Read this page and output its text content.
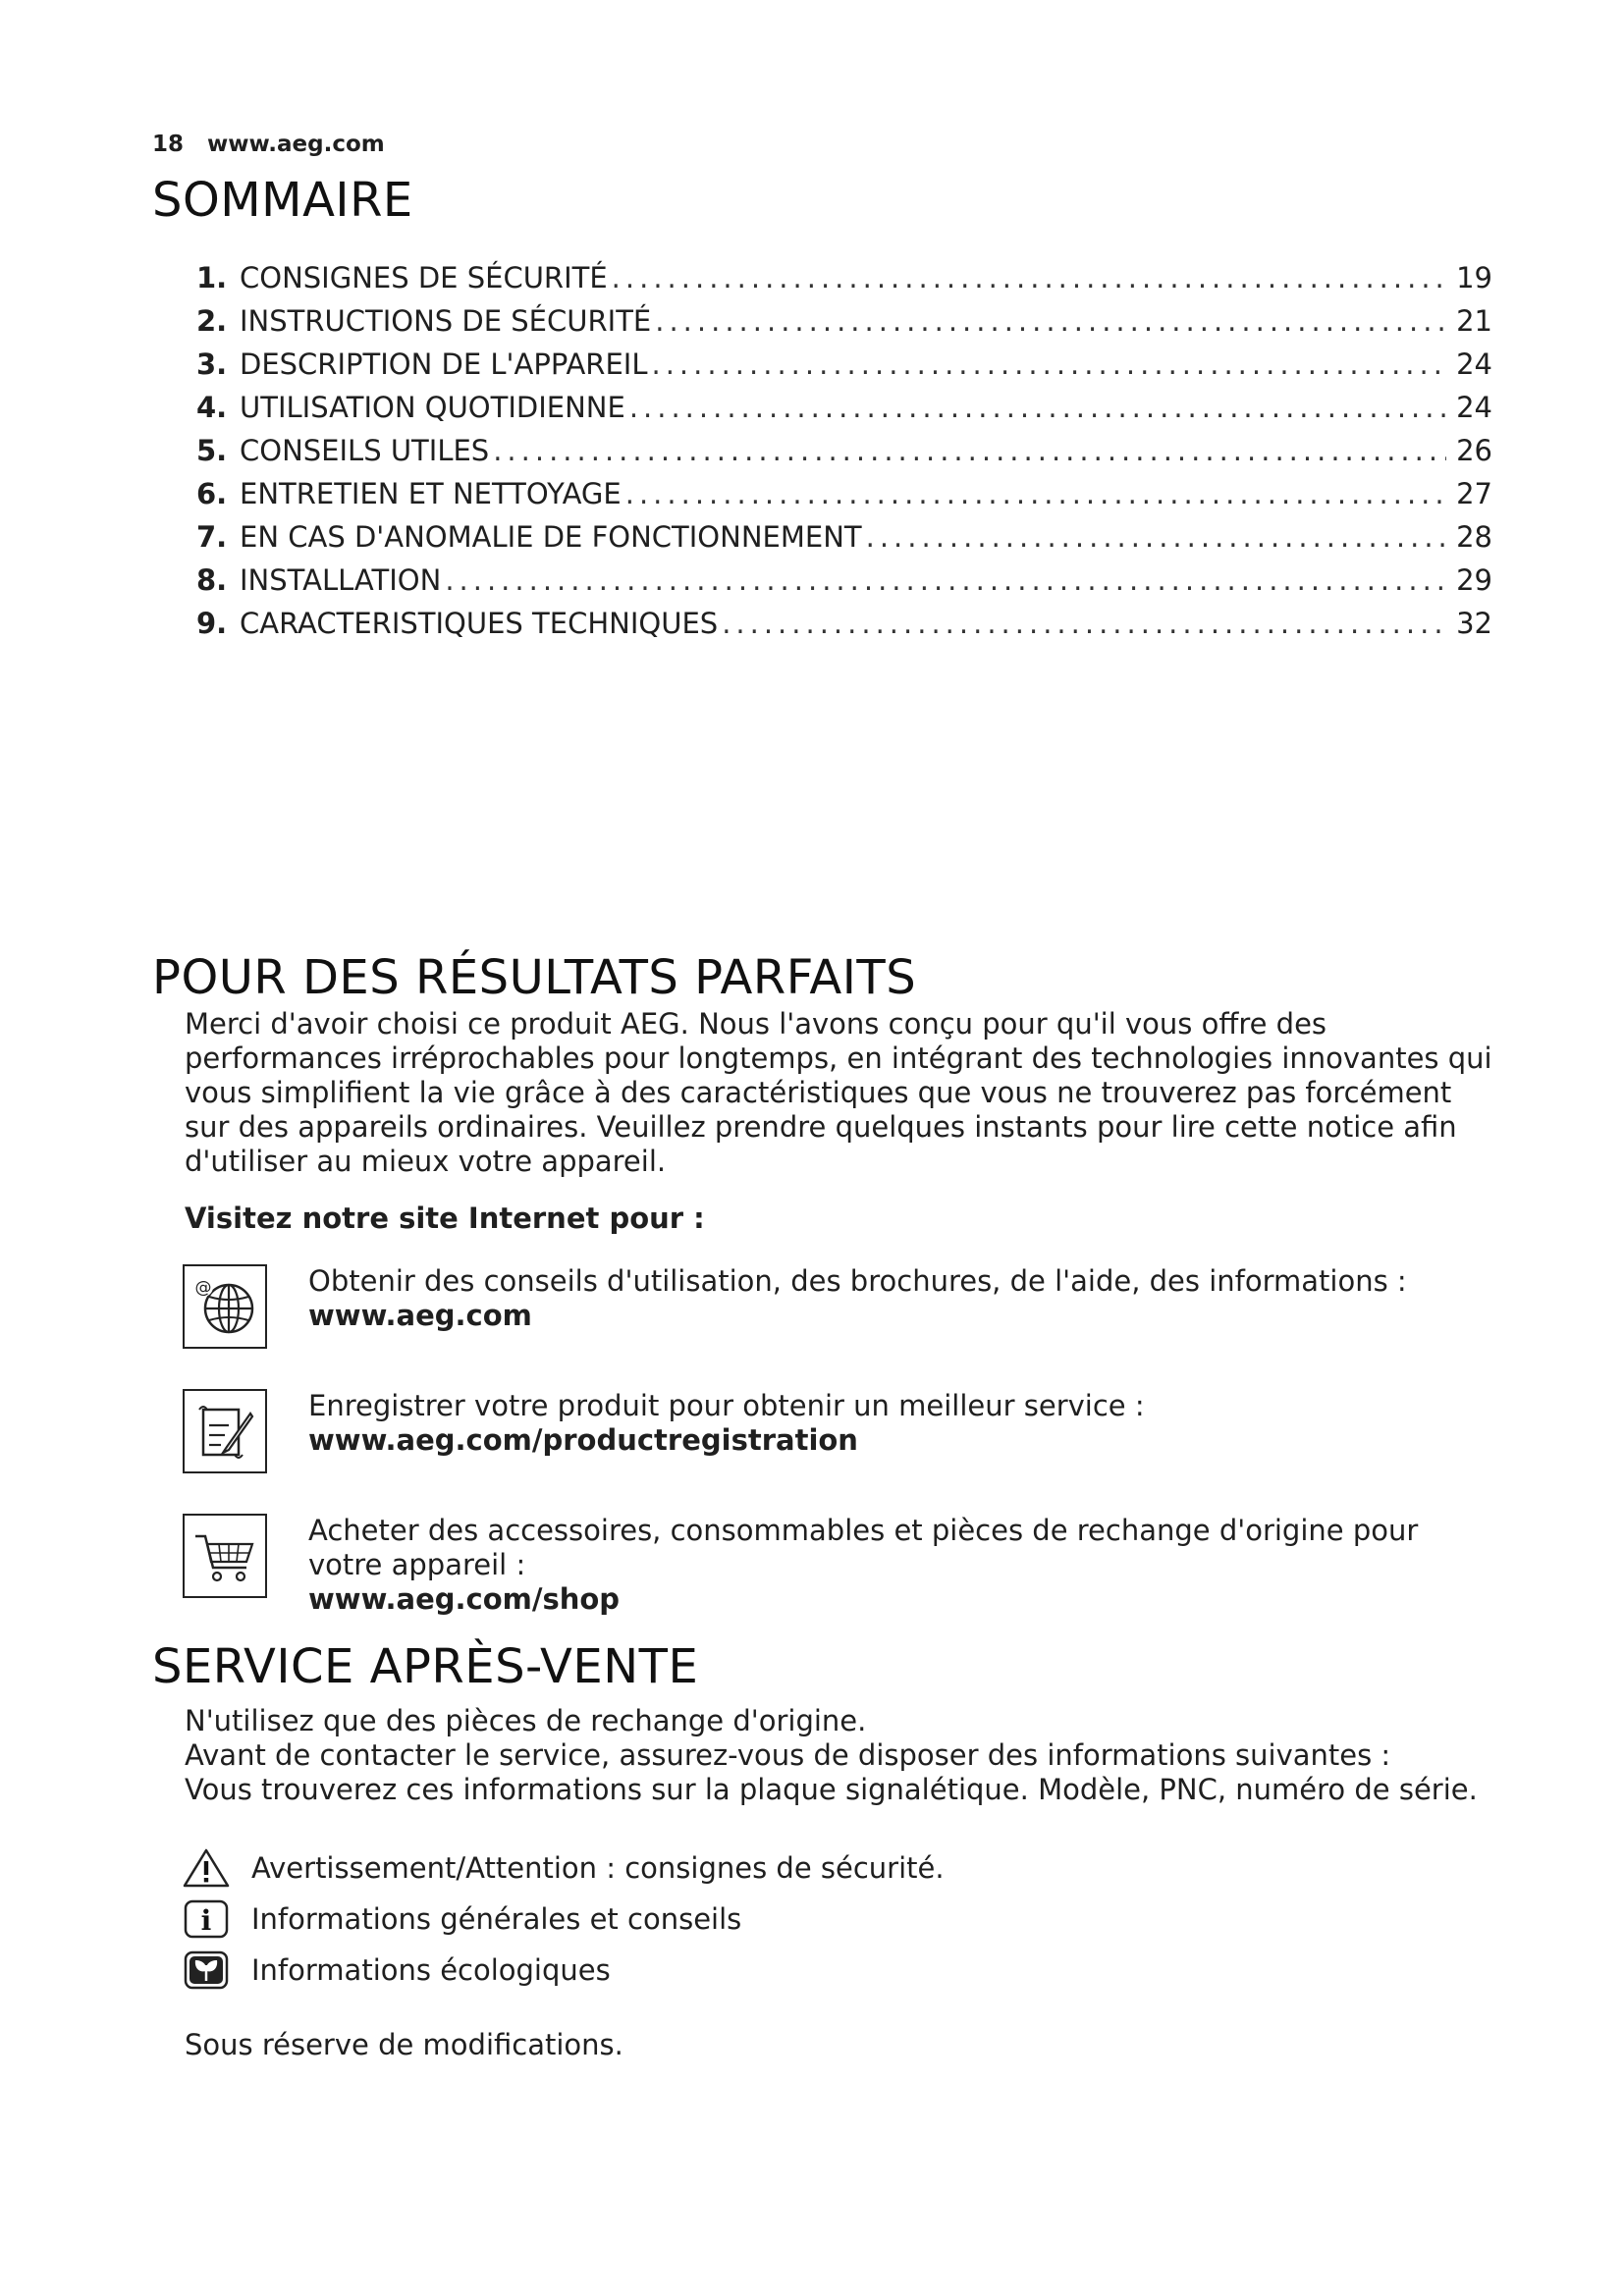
18 www.aeg.com
SOMMAIRE
1. CONSIGNES DE SÉCURITÉ .....	19
2. INSTRUCTIONS DE SÉCURITÉ .....	21
3. DESCRIPTION DE L'APPAREIL .....	24
4. UTILISATION QUOTIDIENNE .....	24
5. CONSEILS UTILES .....	26
6. ENTRETIEN ET NETTOYAGE .....	27
7. EN CAS D'ANOMALIE DE FONCTIONNEMENT .....	28
8. INSTALLATION .....	29
9. CARACTERISTIQUES TECHNIQUES .....	32
POUR DES RÉSULTATS PARFAITS

Merci d'avoir choisi ce produit AEG. Nous l'avons conçu pour qu'il vous offre des performances irréprochables pour longtemps, en intégrant des technologies innovantes qui vous simplifient la vie grâce à des caractéristiques que vous ne trouverez pas forcément sur des appareils ordinaires. Veuillez prendre quelques instants pour lire cette notice afin d'utiliser au mieux votre appareil.

Visitez notre site Internet pour :

@	Obtenir des conseils d'utilisation, des brochures, de l'aide, des informations :
www.aeg.com
Enregistrer votre produit pour obtenir un meilleur service :
www.aeg.com/productregistration
Acheter des accessoires, consommables et pièces de rechange d'origine pour votre appareil :
www.aeg.com/shop
SERVICE APRÈS-VENTE
N'utilisez que des pièces de rechange d'origine.
Avant de contacter le service, assurez-vous de disposer des informations suivantes :
Vous trouverez ces informations sur la plaque signalétique. Modèle, PNC, numéro de série.
Avertissement/Attention : consignes de sécurité.
i Informations générales et conseils
Informations écologiques

Sous réserve de modifications.
